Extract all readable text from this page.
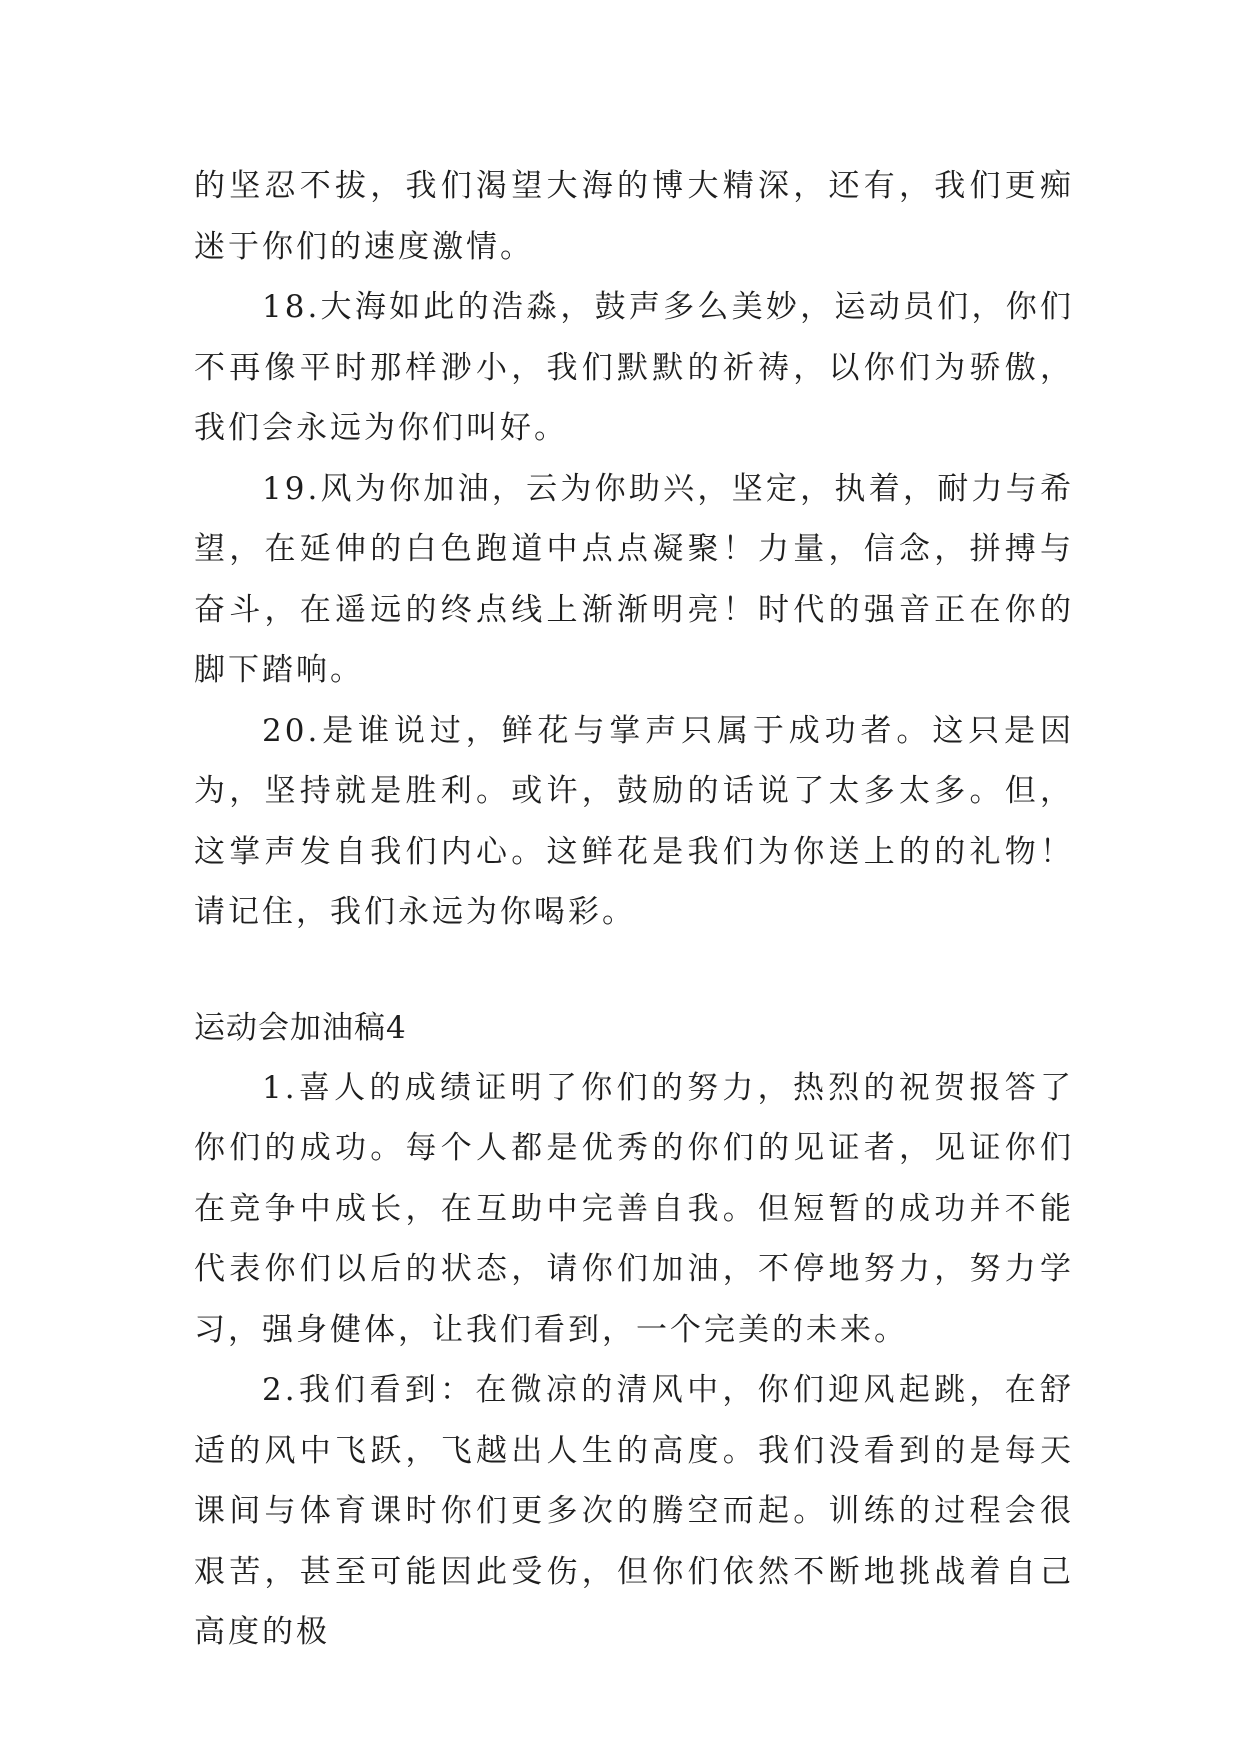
的坚忍不拔，我们渴望大海的博大精深，还有，我们更痴迷于你们的速度激情。

18.大海如此的浩淼，鼓声多么美妙，运动员们，你们不再像平时那样渺小，我们默默的祈祷，以你们为骄傲，我们会永远为你们叫好。

19.风为你加油，云为你助兴，坚定，执着，耐力与希望，在延伸的白色跑道中点点凝聚！力量，信念，拼搏与奋斗，在遥远的终点线上渐渐明亮！时代的强音正在你的脚下踏响。

20.是谁说过，鲜花与掌声只属于成功者。这只是因为，坚持就是胜利。或许，鼓励的话说了太多太多。但，这掌声发自我们内心。这鲜花是我们为你送上的的礼物！请记住，我们永远为你喝彩。

运动会加油稿4

1.喜人的成绩证明了你们的努力，热烈的祝贺报答了你们的成功。每个人都是优秀的你们的见证者，见证你们在竞争中成长，在互助中完善自我。但短暂的成功并不能代表你们以后的状态，请你们加油，不停地努力，努力学习，强身健体，让我们看到，一个完美的未来。

2.我们看到：在微凉的清风中，你们迎风起跳，在舒适的风中飞跃，飞越出人生的高度。我们没看到的是每天课间与体育课时你们更多次的腾空而起。训练的过程会很艰苦，甚至可能因此受伤，但你们依然不断地挑战着自己高度的极
